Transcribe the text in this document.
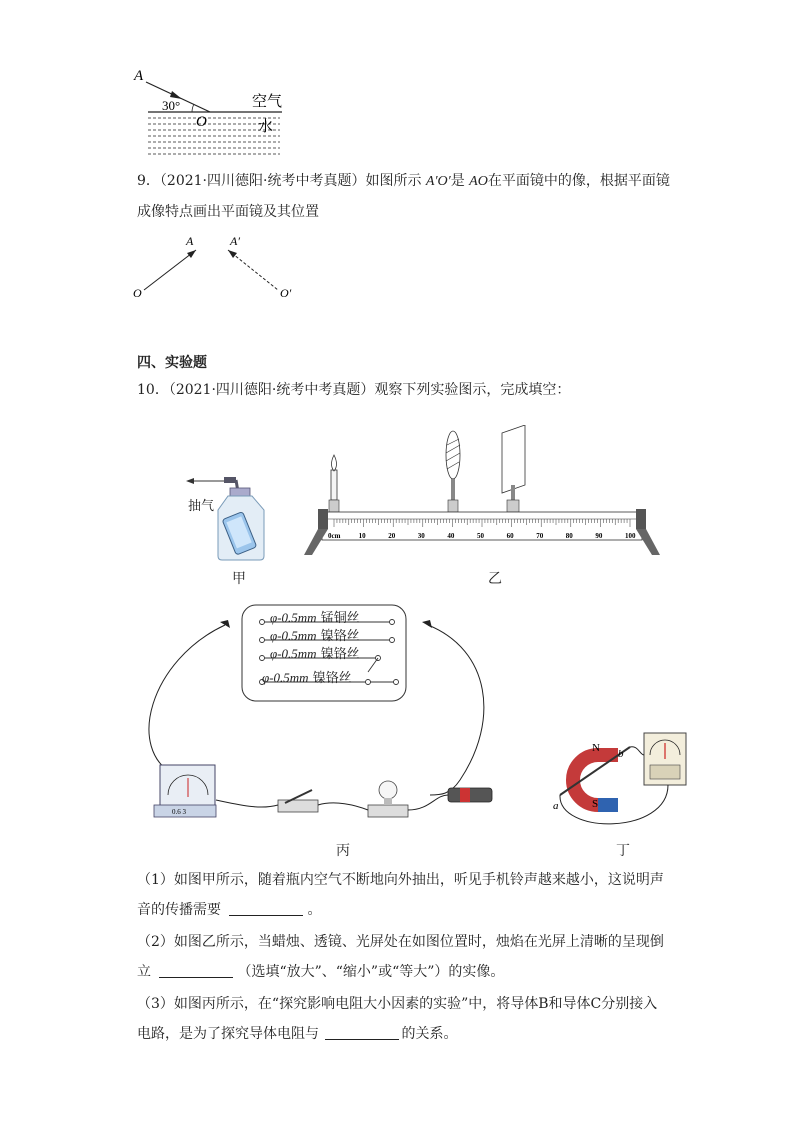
A
30°
O
空气
水
9．（2021·四川德阳·统考中考真题）如图所示 A′O′是 AO在平面镜中的像，根据平面镜
成像特点画出平面镜及其位置
A	A′
O	O′
四、实验题
10．（2021·四川德阳·统考中考真题）观察下列实验图示，完成填空：
抽气
甲
0cm	10	20	30	40	50	60	70	80	90	100
乙
0.6 3
φ-0.5mm 锰铜丝
φ-0.5mm 镍铬丝
φ-0.5mm 镍铬丝
φ-0.5mm 镍铬丝
丙
N
S
a
b
丁
（1）如图甲所示，随着瓶内空气不断地向外抽出，听见手机铃声越来越小，这说明声
音的传播需要	。
（2）如图乙所示，当蜡烛、透镜、光屏处在如图位置时，烛焰在光屏上清晰的呈现倒
立	（选填“放大”、“缩小”或“等大”）的实像。
（3）如图丙所示，在“探究影响电阻大小因素的实验”中，将导体B和导体C分别接入
电路，是为了探究导体电阻与	的关系。
